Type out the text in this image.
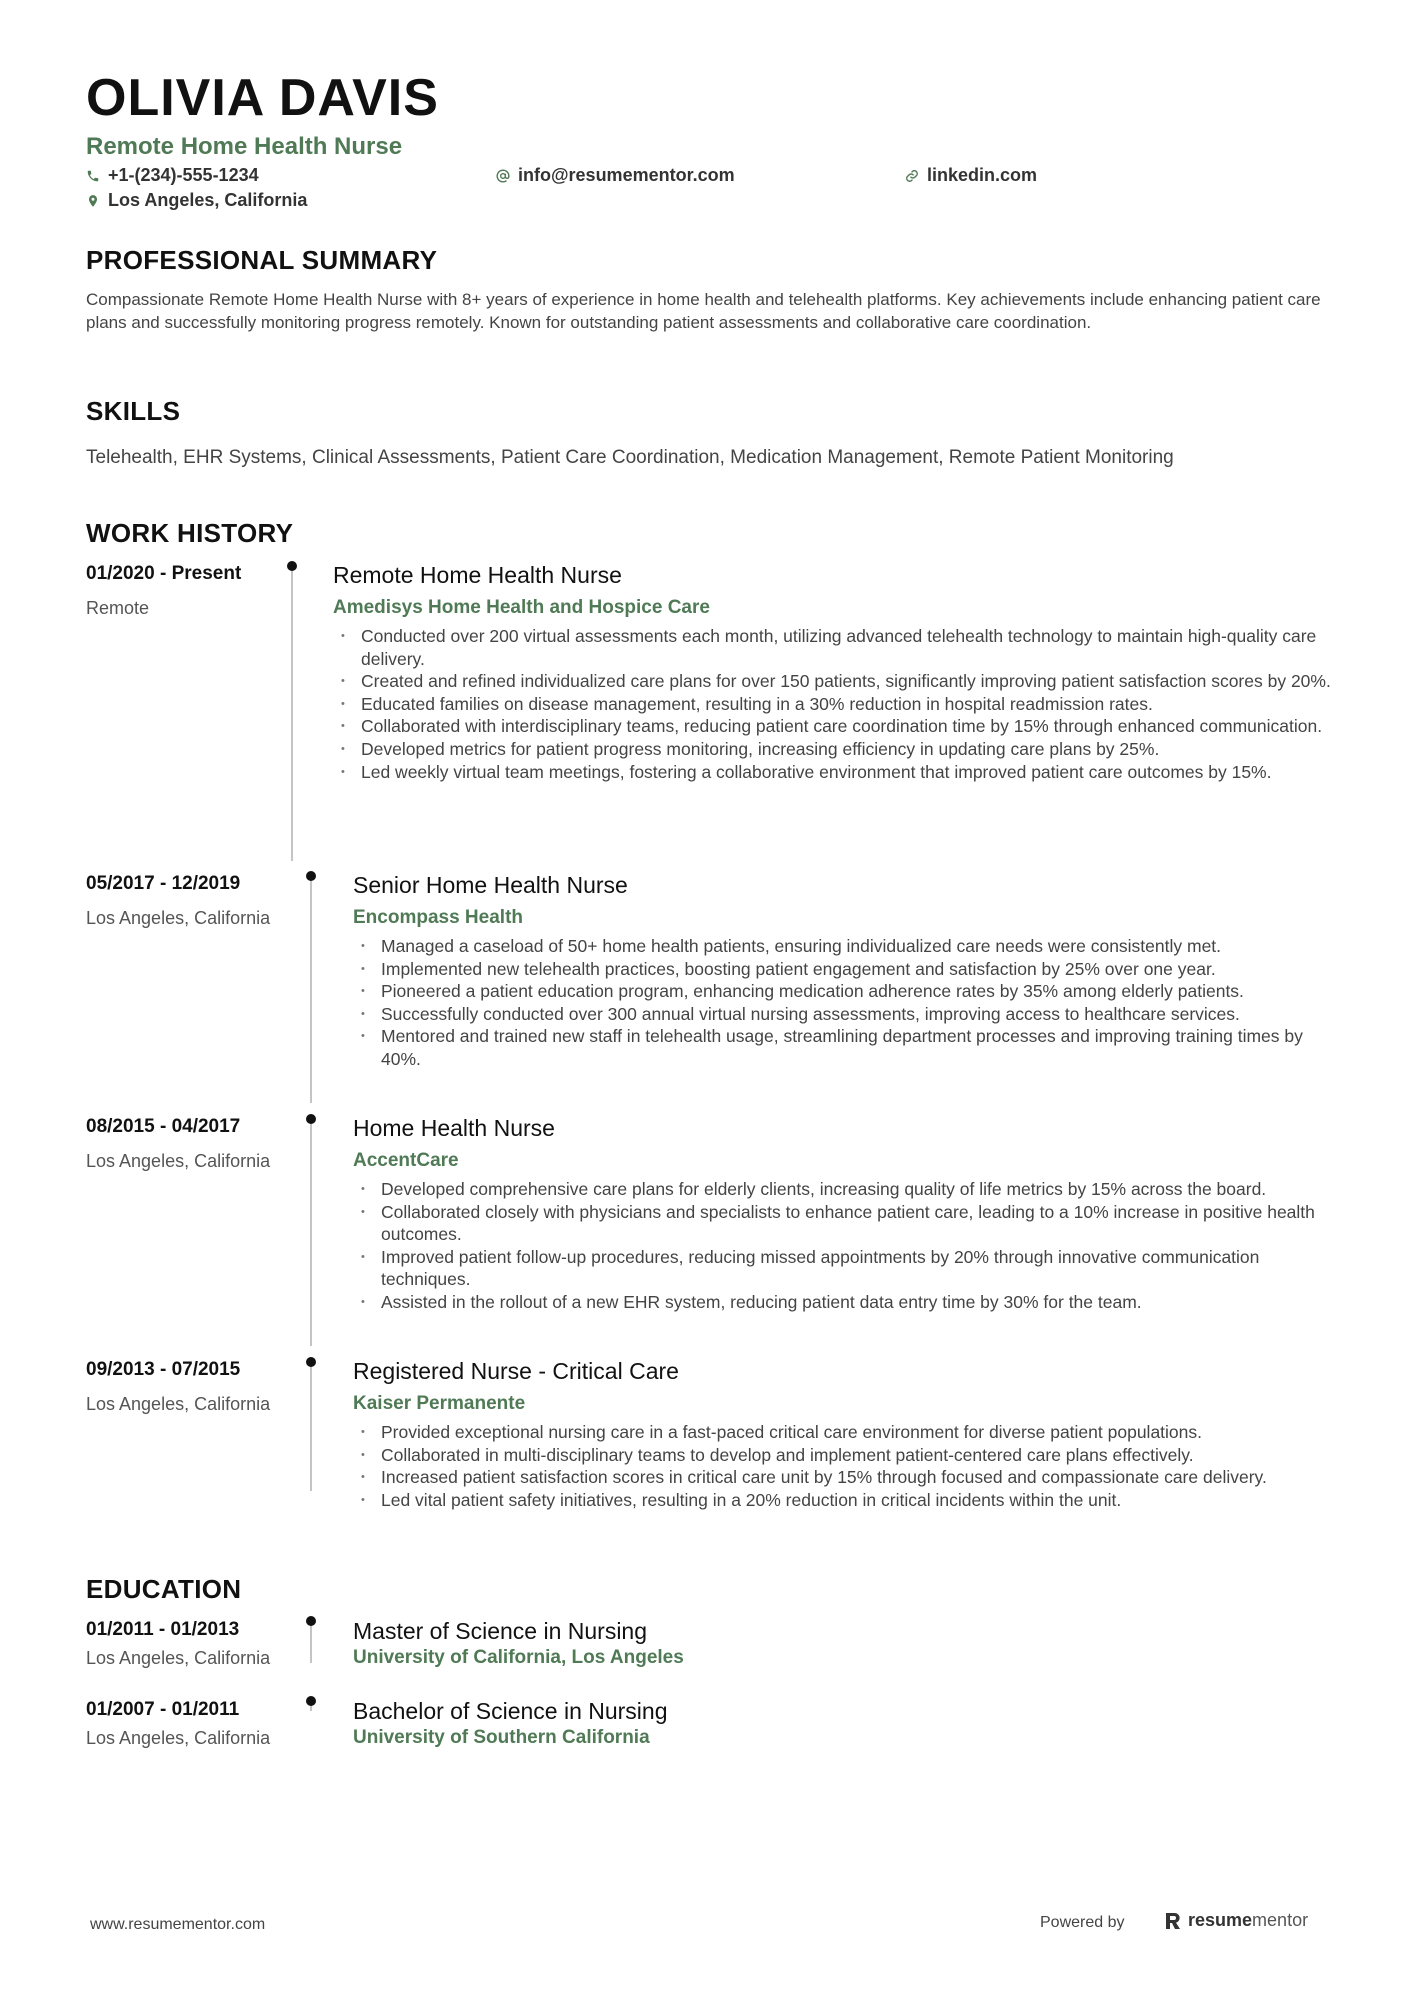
OLIVIA DAVIS
Remote Home Health Nurse
+1-(234)-555-1234	info@resumementor.com	linkedin.com
Los Angeles, California
PROFESSIONAL SUMMARY
Compassionate Remote Home Health Nurse with 8+ years of experience in home health and telehealth platforms. Key achievements include enhancing patient care plans and successfully monitoring progress remotely. Known for outstanding patient assessments and collaborative care coordination.
SKILLS
Telehealth, EHR Systems, Clinical Assessments, Patient Care Coordination, Medication Management, Remote Patient Monitoring
WORK HISTORY
01/2020 - Present
Remote
Remote Home Health Nurse
Amedisys Home Health and Hospice Care
• Conducted over 200 virtual assessments each month, utilizing advanced telehealth technology to maintain high-quality care delivery.
• Created and refined individualized care plans for over 150 patients, significantly improving patient satisfaction scores by 20%.
• Educated families on disease management, resulting in a 30% reduction in hospital readmission rates.
• Collaborated with interdisciplinary teams, reducing patient care coordination time by 15% through enhanced communication.
• Developed metrics for patient progress monitoring, increasing efficiency in updating care plans by 25%.
• Led weekly virtual team meetings, fostering a collaborative environment that improved patient care outcomes by 15%.
05/2017 - 12/2019
Los Angeles, California
Senior Home Health Nurse
Encompass Health
• Managed a caseload of 50+ home health patients, ensuring individualized care needs were consistently met.
• Implemented new telehealth practices, boosting patient engagement and satisfaction by 25% over one year.
• Pioneered a patient education program, enhancing medication adherence rates by 35% among elderly patients.
• Successfully conducted over 300 annual virtual nursing assessments, improving access to healthcare services.
• Mentored and trained new staff in telehealth usage, streamlining department processes and improving training times by 40%.
08/2015 - 04/2017
Los Angeles, California
Home Health Nurse
AccentCare
• Developed comprehensive care plans for elderly clients, increasing quality of life metrics by 15% across the board.
• Collaborated closely with physicians and specialists to enhance patient care, leading to a 10% increase in positive health outcomes.
• Improved patient follow-up procedures, reducing missed appointments by 20% through innovative communication techniques.
• Assisted in the rollout of a new EHR system, reducing patient data entry time by 30% for the team.
09/2013 - 07/2015
Los Angeles, California
Registered Nurse - Critical Care
Kaiser Permanente
• Provided exceptional nursing care in a fast-paced critical care environment for diverse patient populations.
• Collaborated in multi-disciplinary teams to develop and implement patient-centered care plans effectively.
• Increased patient satisfaction scores in critical care unit by 15% through focused and compassionate care delivery.
• Led vital patient safety initiatives, resulting in a 20% reduction in critical incidents within the unit.
EDUCATION
01/2011 - 01/2013
Los Angeles, California
Master of Science in Nursing
University of California, Los Angeles
01/2007 - 01/2011
Los Angeles, California
Bachelor of Science in Nursing
University of Southern California
www.resumementor.com	Powered by	resumementor
